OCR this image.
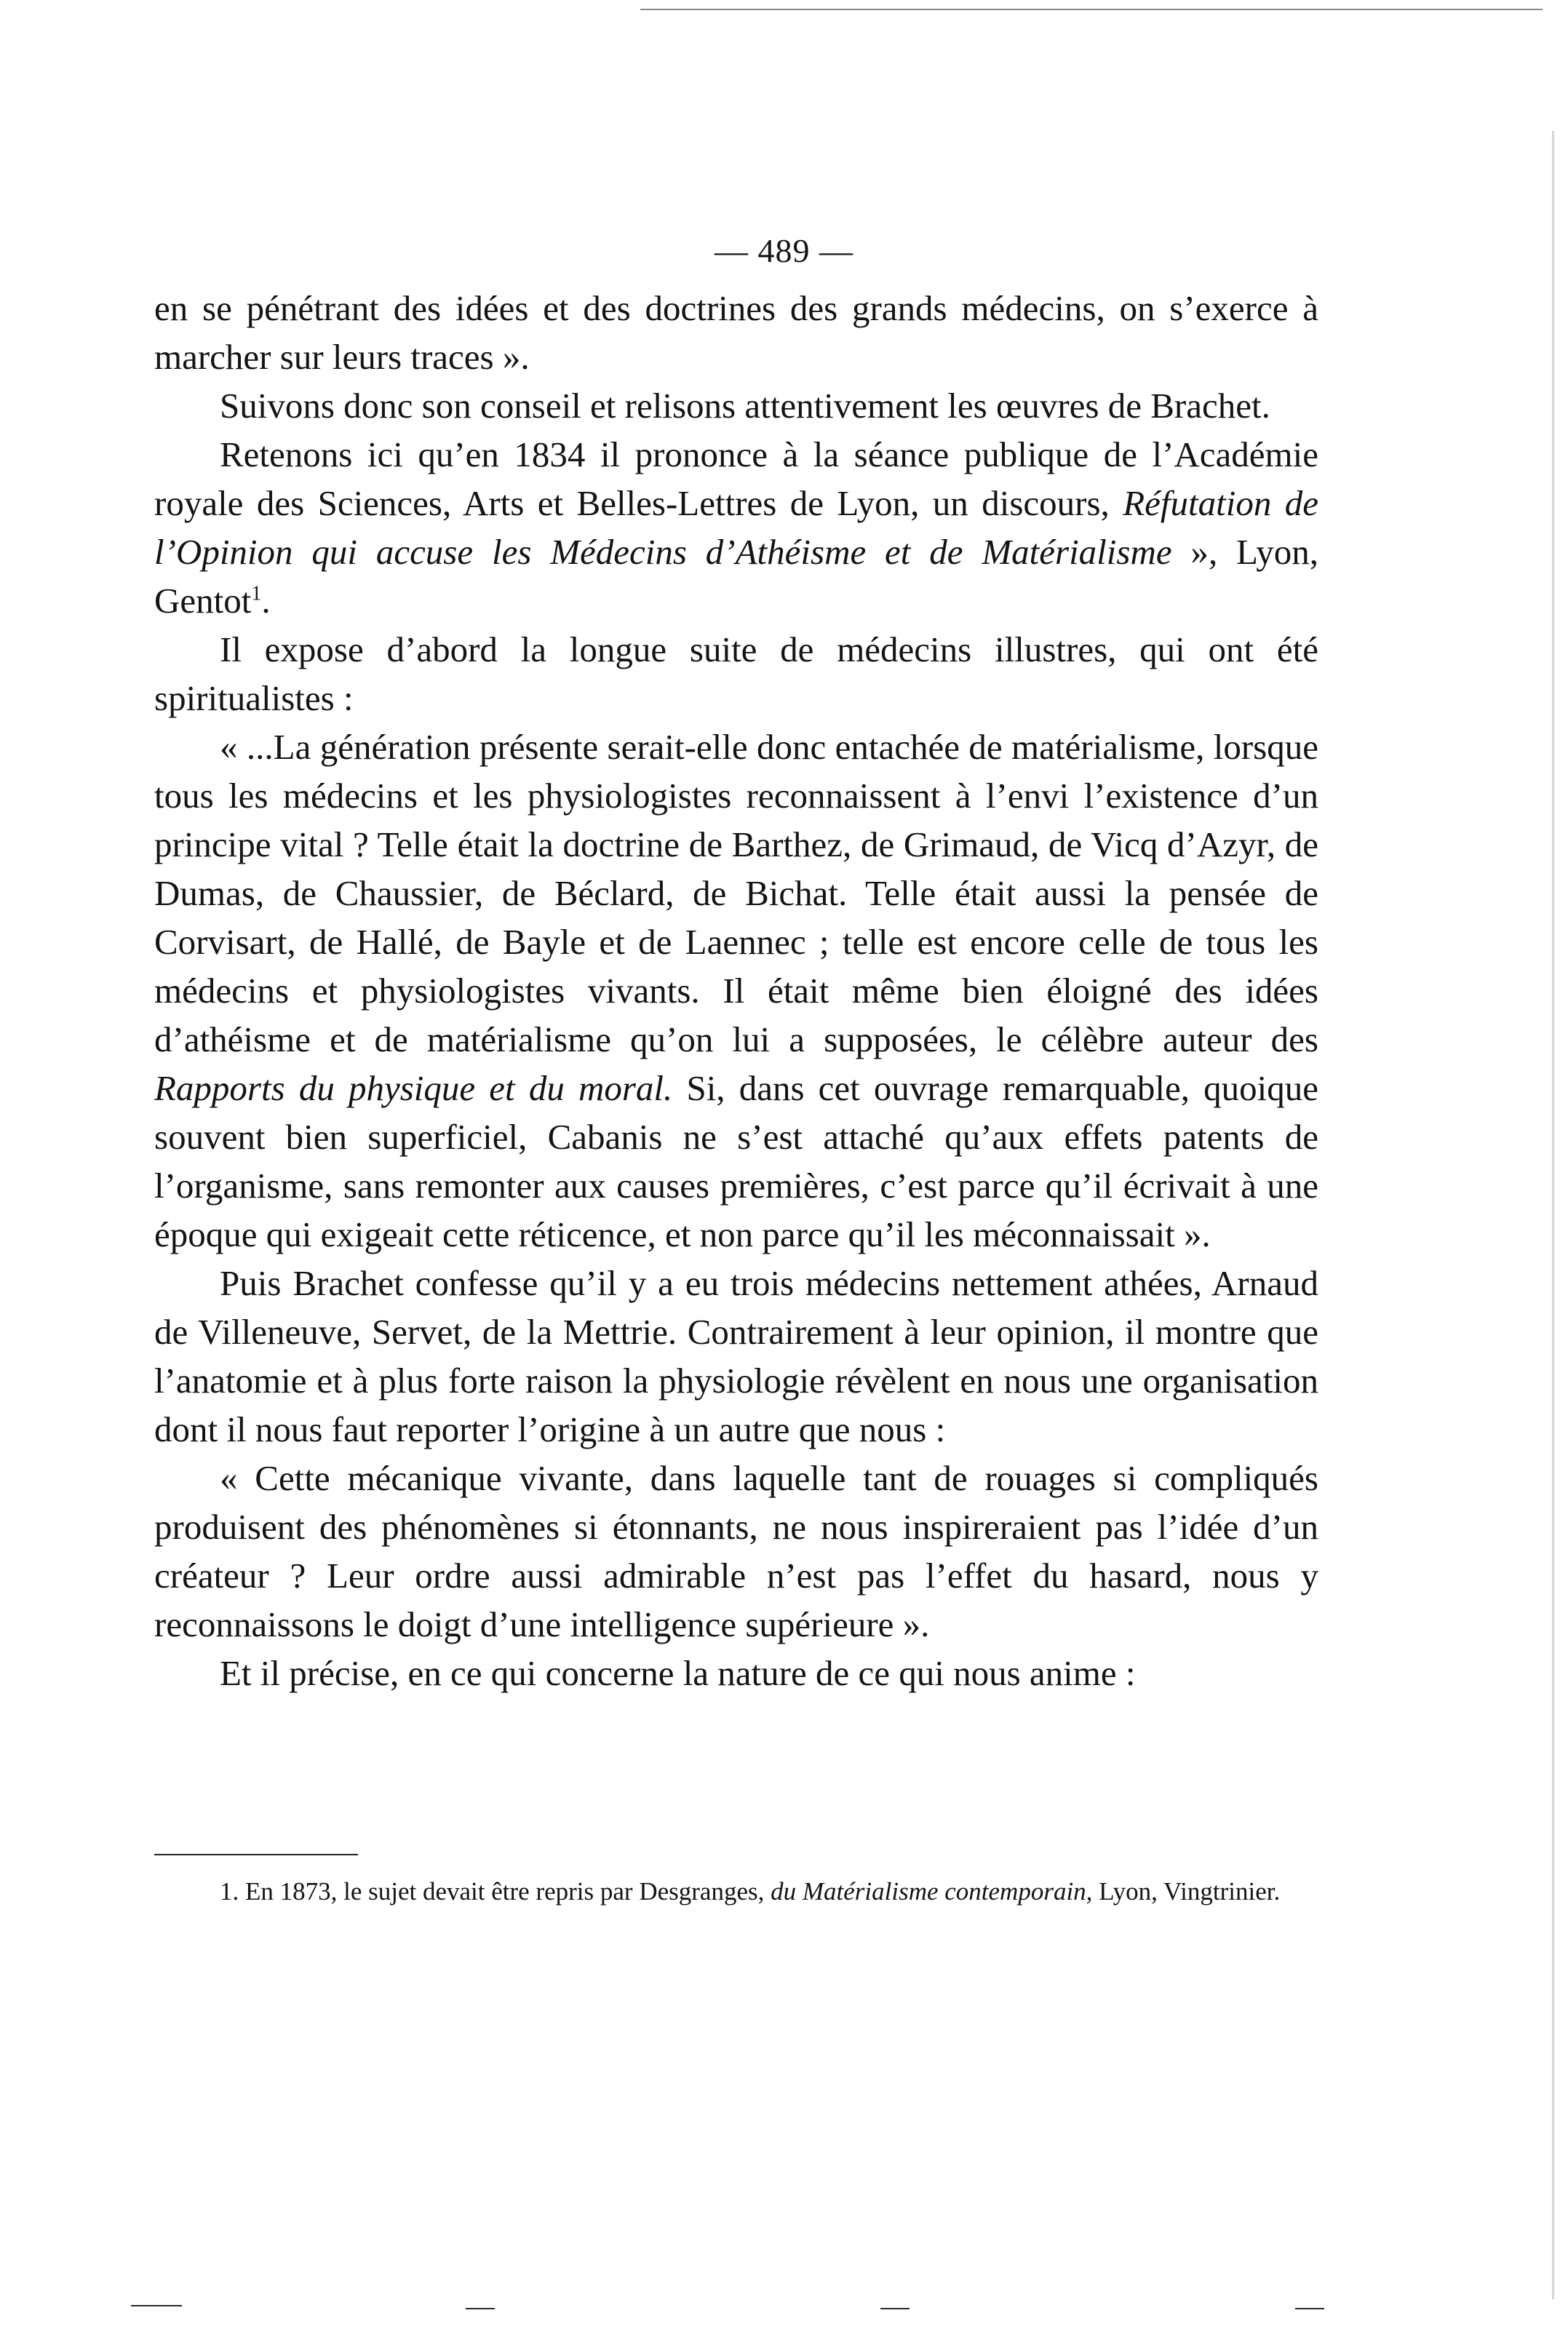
— 489 —

en se pénétrant des idées et des doctrines des grands médecins, on s’exerce à marcher sur leurs traces ».

Suivons donc son conseil et relisons attentivement les œuvres de Brachet.

Retenons ici qu’en 1834 il prononce à la séance publique de l’Académie royale des Sciences, Arts et Belles-Lettres de Lyon, un discours, Réfutation de l’Opinion qui accuse les Médecins d’Athéisme et de Matérialisme », Lyon, Gentot$^1$.

Il expose d’abord la longue suite de médecins illustres, qui ont été spiritualistes :

« ...La génération présente serait-elle donc entachée de matérialisme, lorsque tous les médecins et les physiologistes reconnaissent à l’envi l’existence d’un principe vital ? Telle était la doctrine de Barthez, de Grimaud, de Vicq d’Azyr, de Dumas, de Chaussier, de Béclard, de Bichat. Telle était aussi la pensée de Corvisart, de Hallé, de Bayle et de Laennec ; telle est encore celle de tous les médecins et physiologistes vivants. Il était même bien éloigné des idées d’athéisme et de matérialisme qu’on lui a supposées, le célèbre auteur des Rapports du physique et du moral. Si, dans cet ouvrage remarquable, quoique souvent bien superficiel, Cabanis ne s’est attaché qu’aux effets patents de l’organisme, sans remonter aux causes premières, c’est parce qu’il écrivait à une époque qui exigeait cette réticence, et non parce qu’il les méconnaissait ».

Puis Brachet confesse qu’il y a eu trois médecins nettement athées, Arnaud de Villeneuve, Servet, de la Mettrie. Contrairement à leur opinion, il montre que l’anatomie et à plus forte raison la physiologie révèlent en nous une organisation dont il nous faut reporter l’origine à un autre que nous :

« Cette mécanique vivante, dans laquelle tant de rouages si compliqués produisent des phénomènes si étonnants, ne nous inspireraient pas l’idée d’un créateur ? Leur ordre aussi admirable n’est pas l’effet du hasard, nous y reconnaissons le doigt d’une intelligence supérieure ».

Et il précise, en ce qui concerne la nature de ce qui nous anime :

1. En 1873, le sujet devait être repris par Desgranges, du Matérialisme contemporain, Lyon, Vingtrinier.
